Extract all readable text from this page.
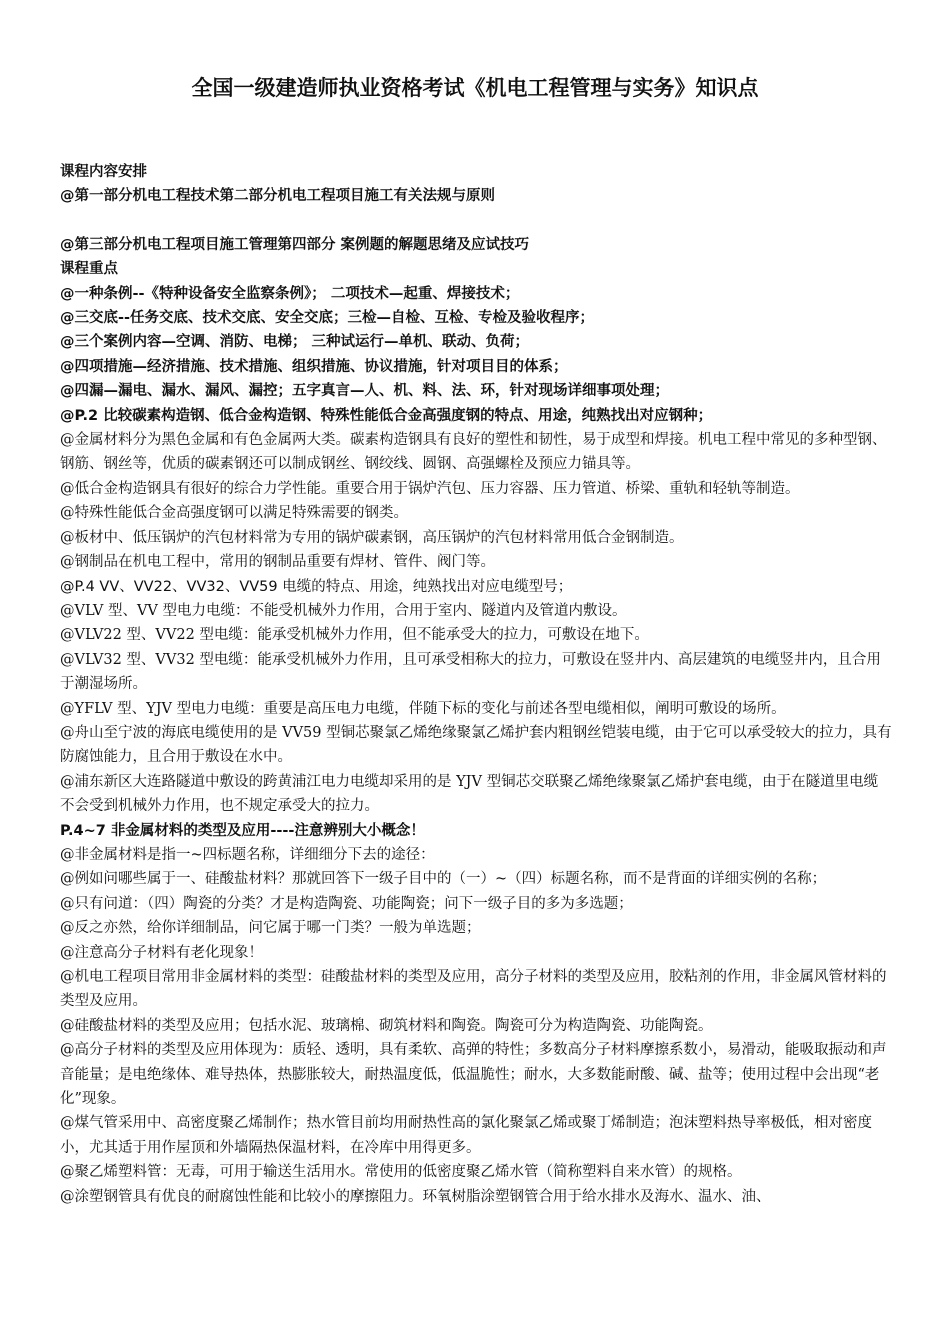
全国一级建造师执业资格考试《机电工程管理与实务》知识点

课程内容安排

@第一部分机电工程技术第二部分机电工程项目施工有关法规与原则

@第三部分机电工程项目施工管理第四部分 案例题的解题思绪及应试技巧

课程重点

@一种条例--《特种设备安全监察条例》； 二项技术—起重、焊接技术；

@三交底--任务交底、技术交底、安全交底；三检—自检、互检、专检及验收程序；

@三个案例内容—空调、消防、电梯； 三种试运行—单机、联动、负荷；

@四项措施—经济措施、技术措施、组织措施、协议措施，针对项目目的体系；

@四漏—漏电、漏水、漏风、漏控；五字真言—人、机、料、法、环，针对现场详细事项处理；

@P.2 比较碳素构造钢、低合金构造钢、特殊性能低合金高强度钢的特点、用途，纯熟找出对应钢种；

@金属材料分为黑色金属和有色金属两大类。碳素构造钢具有良好的塑性和韧性，易于成型和焊接。机电工程中常见的多种型钢、钢筋、钢丝等，优质的碳素钢还可以制成钢丝、钢绞线、圆钢、高强螺栓及预应力锚具等。

@低合金构造钢具有很好的综合力学性能。重要合用于锅炉汽包、压力容器、压力管道、桥梁、重轨和轻轨等制造。

@特殊性能低合金高强度钢可以满足特殊需要的钢类。

@板材中、低压锅炉的汽包材料常为专用的锅炉碳素钢，高压锅炉的汽包材料常用低合金钢制造。

@钢制品在机电工程中，常用的钢制品重要有焊材、管件、阀门等。

@P.4 VV、VV22、VV32、VV59 电缆的特点、用途，纯熟找出对应电缆型号；

@VLV 型、VV 型电力电缆：不能受机械外力作用，合用于室内、隧道内及管道内敷设。

@VLV22 型、VV22 型电缆：能承受机械外力作用，但不能承受大的拉力，可敷设在地下。

@VLV32 型、VV32 型电缆：能承受机械外力作用，且可承受相称大的拉力，可敷设在竖井内、高层建筑的电缆竖井内，且合用于潮湿场所。

@YFLV 型、YJV 型电力电缆：重要是高压电力电缆，伴随下标的变化与前述各型电缆相似，阐明可敷设的场所。

@舟山至宁波的海底电缆使用的是 VV59 型铜芯聚氯乙烯绝缘聚氯乙烯护套内粗钢丝铠装电缆，由于它可以承受较大的拉力，具有防腐蚀能力，且合用于敷设在水中。

@浦东新区大连路隧道中敷设的跨黄浦江电力电缆却采用的是 YJV 型铜芯交联聚乙烯绝缘聚氯乙烯护套电缆，由于在隧道里电缆不会受到机械外力作用，也不规定承受大的拉力。

P.4~7 非金属材料的类型及应用----注意辨别大小概念！

@非金属材料是指一~四标题名称，详细细分下去的途径：

@例如问哪些属于一、硅酸盐材料？那就回答下一级子目中的（一）~（四）标题名称，而不是背面的详细实例的名称；

@只有问道：（四）陶瓷的分类？才是构造陶瓷、功能陶瓷；问下一级子目的多为多选题；

@反之亦然，给你详细制品，问它属于哪一门类？一般为单选题；

@注意高分子材料有老化现象！

@机电工程项目常用非金属材料的类型：硅酸盐材料的类型及应用，高分子材料的类型及应用，胶粘剂的作用，非金属风管材料的类型及应用。

@硅酸盐材料的类型及应用；包括水泥、玻璃棉、砌筑材料和陶瓷。陶瓷可分为构造陶瓷、功能陶瓷。

@高分子材料的类型及应用体现为：质轻、透明，具有柔软、高弹的特性；多数高分子材料摩擦系数小，易滑动，能吸取振动和声音能量；是电绝缘体、难导热体，热膨胀较大，耐热温度低，低温脆性；耐水，大多数能耐酸、碱、盐等；使用过程中会出现“老化”现象。

@煤气管采用中、高密度聚乙烯制作；热水管目前均用耐热性高的氯化聚氯乙烯或聚丁烯制造；泡沫塑料热导率极低，相对密度小，尤其适于用作屋顶和外墙隔热保温材料，在冷库中用得更多。

@聚乙烯塑料管：无毒，可用于输送生活用水。常使用的低密度聚乙烯水管（简称塑料自来水管）的规格。

@涂塑钢管具有优良的耐腐蚀性能和比较小的摩擦阻力。环氧树脂涂塑钢管合用于给水排水及海水、温水、油、
